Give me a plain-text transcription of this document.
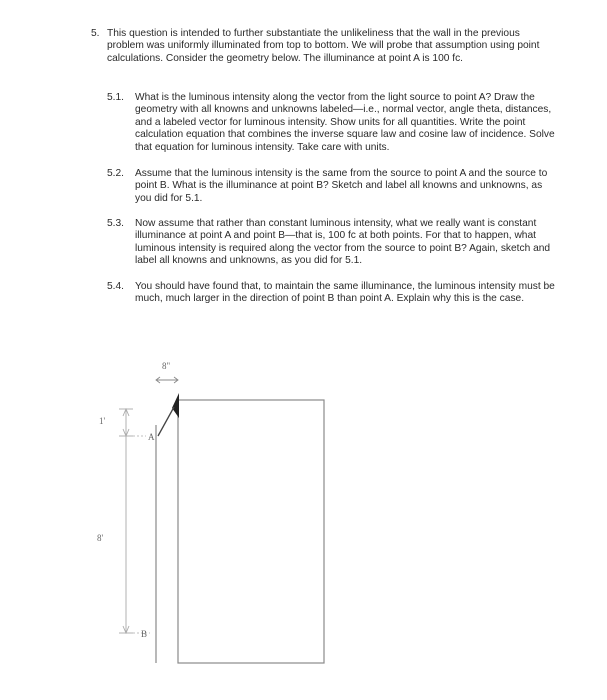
5. This question is intended to further substantiate the unlikeliness that the wall in the previous problem was uniformly illuminated from top to bottom. We will probe that assumption using point calculations. Consider the geometry below. The illuminance at point A is 100 fc.
5.1. What is the luminous intensity along the vector from the light source to point A? Draw the geometry with all knowns and unknowns labeled—i.e., normal vector, angle theta, distances, and a labeled vector for luminous intensity. Show units for all quantities. Write the point calculation equation that combines the inverse square law and cosine law of incidence. Solve that equation for luminous intensity. Take care with units.
5.2. Assume that the luminous intensity is the same from the source to point A and the source to point B. What is the illuminance at point B? Sketch and label all knowns and unknowns, as you did for 5.1.
5.3. Now assume that rather than constant luminous intensity, what we really want is constant illuminance at point A and point B—that is, 100 fc at both points. For that to happen, what luminous intensity is required along the vector from the source to point B? Again, sketch and label all knowns and unknowns, as you did for 5.1.
5.4. You should have found that, to maintain the same illuminance, the luminous intensity must be much, much larger in the direction of point B than point A. Explain why this is the case.
8"
1'
8'
A
B
